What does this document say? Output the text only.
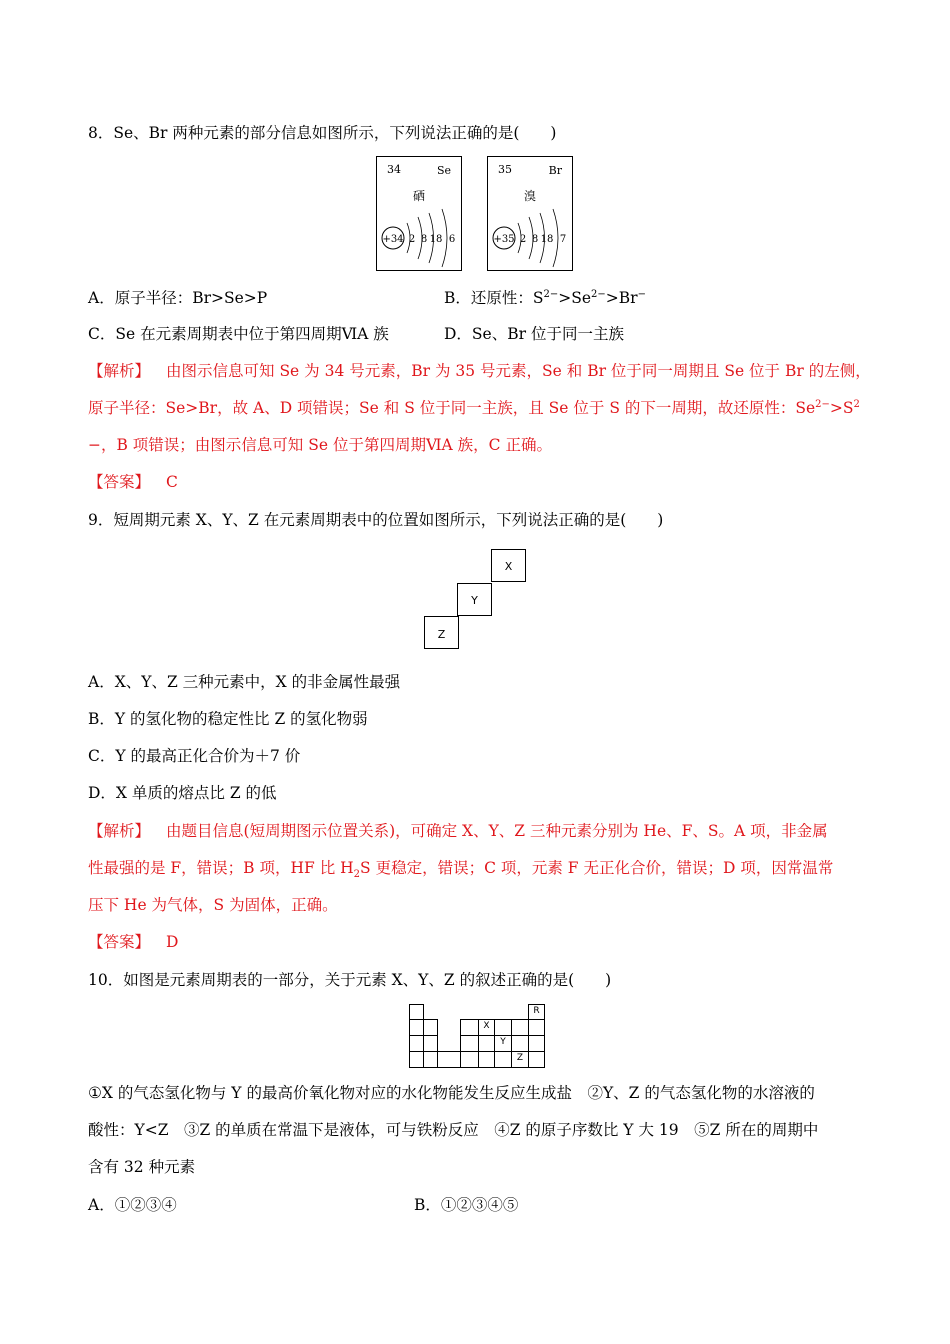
8．Se、Br 两种元素的部分信息如图所示，下列说法正确的是(　　)
34	Se
硒
+34 2 8 18 6
35	Br
溴
+35 2 8 18 7
A．原子半径：Br>Se>P	B．还原性：$S^{2-}>Se^{2-}>Br^-$
C．Se 在元素周期表中位于第四周期ⅥA 族	D．Se、Br 位于同一主族
【解析】 由图示信息可知 Se 为 34 号元素，Br 为 35 号元素，Se 和 Br 位于同一周期且 Se 位于 Br 的左侧，
原子半径：Se>Br，故 A、D 项错误；Se 和 S 位于同一主族，且 Se 位于 S 的下一周期，故还原性：$Se^{2-}>S^2$
−，B 项错误；由图示信息可知 Se 位于第四周期ⅥA 族，C 正确。
【答案】 C
9．短周期元素 X、Y、Z 在元素周期表中的位置如图所示，下列说法正确的是(　　)
X
Y
Z
A．X、Y、Z 三种元素中，X 的非金属性最强
B．Y 的氢化物的稳定性比 Z 的氢化物弱
C．Y 的最高正化合价为＋7 价
D．X 单质的熔点比 Z 的低
【解析】 由题目信息(短周期图示位置关系)，可确定 X、Y、Z 三种元素分别为 He、F、S。A 项，非金属
性最强的是 F，错误；B 项，HF 比 $H_2S$ 更稳定，错误；C 项，元素 F 无正化合价，错误；D 项，因常温常
压下 He 为气体，S 为固体，正确。
【答案】 D
10．如图是元素周期表的一部分，关于元素 X、Y、Z 的叙述正确的是(　　)
R
X
Y
Z
①X 的气态氢化物与 Y 的最高价氧化物对应的水化物能发生反应生成盐　②Y、Z 的气态氢化物的水溶液的
酸性：Y<Z　③Z 的单质在常温下是液体，可与铁粉反应　④Z 的原子序数比 Y 大 19　⑤Z 所在的周期中
含有 32 种元素
A．①②③④	B．①②③④⑤
